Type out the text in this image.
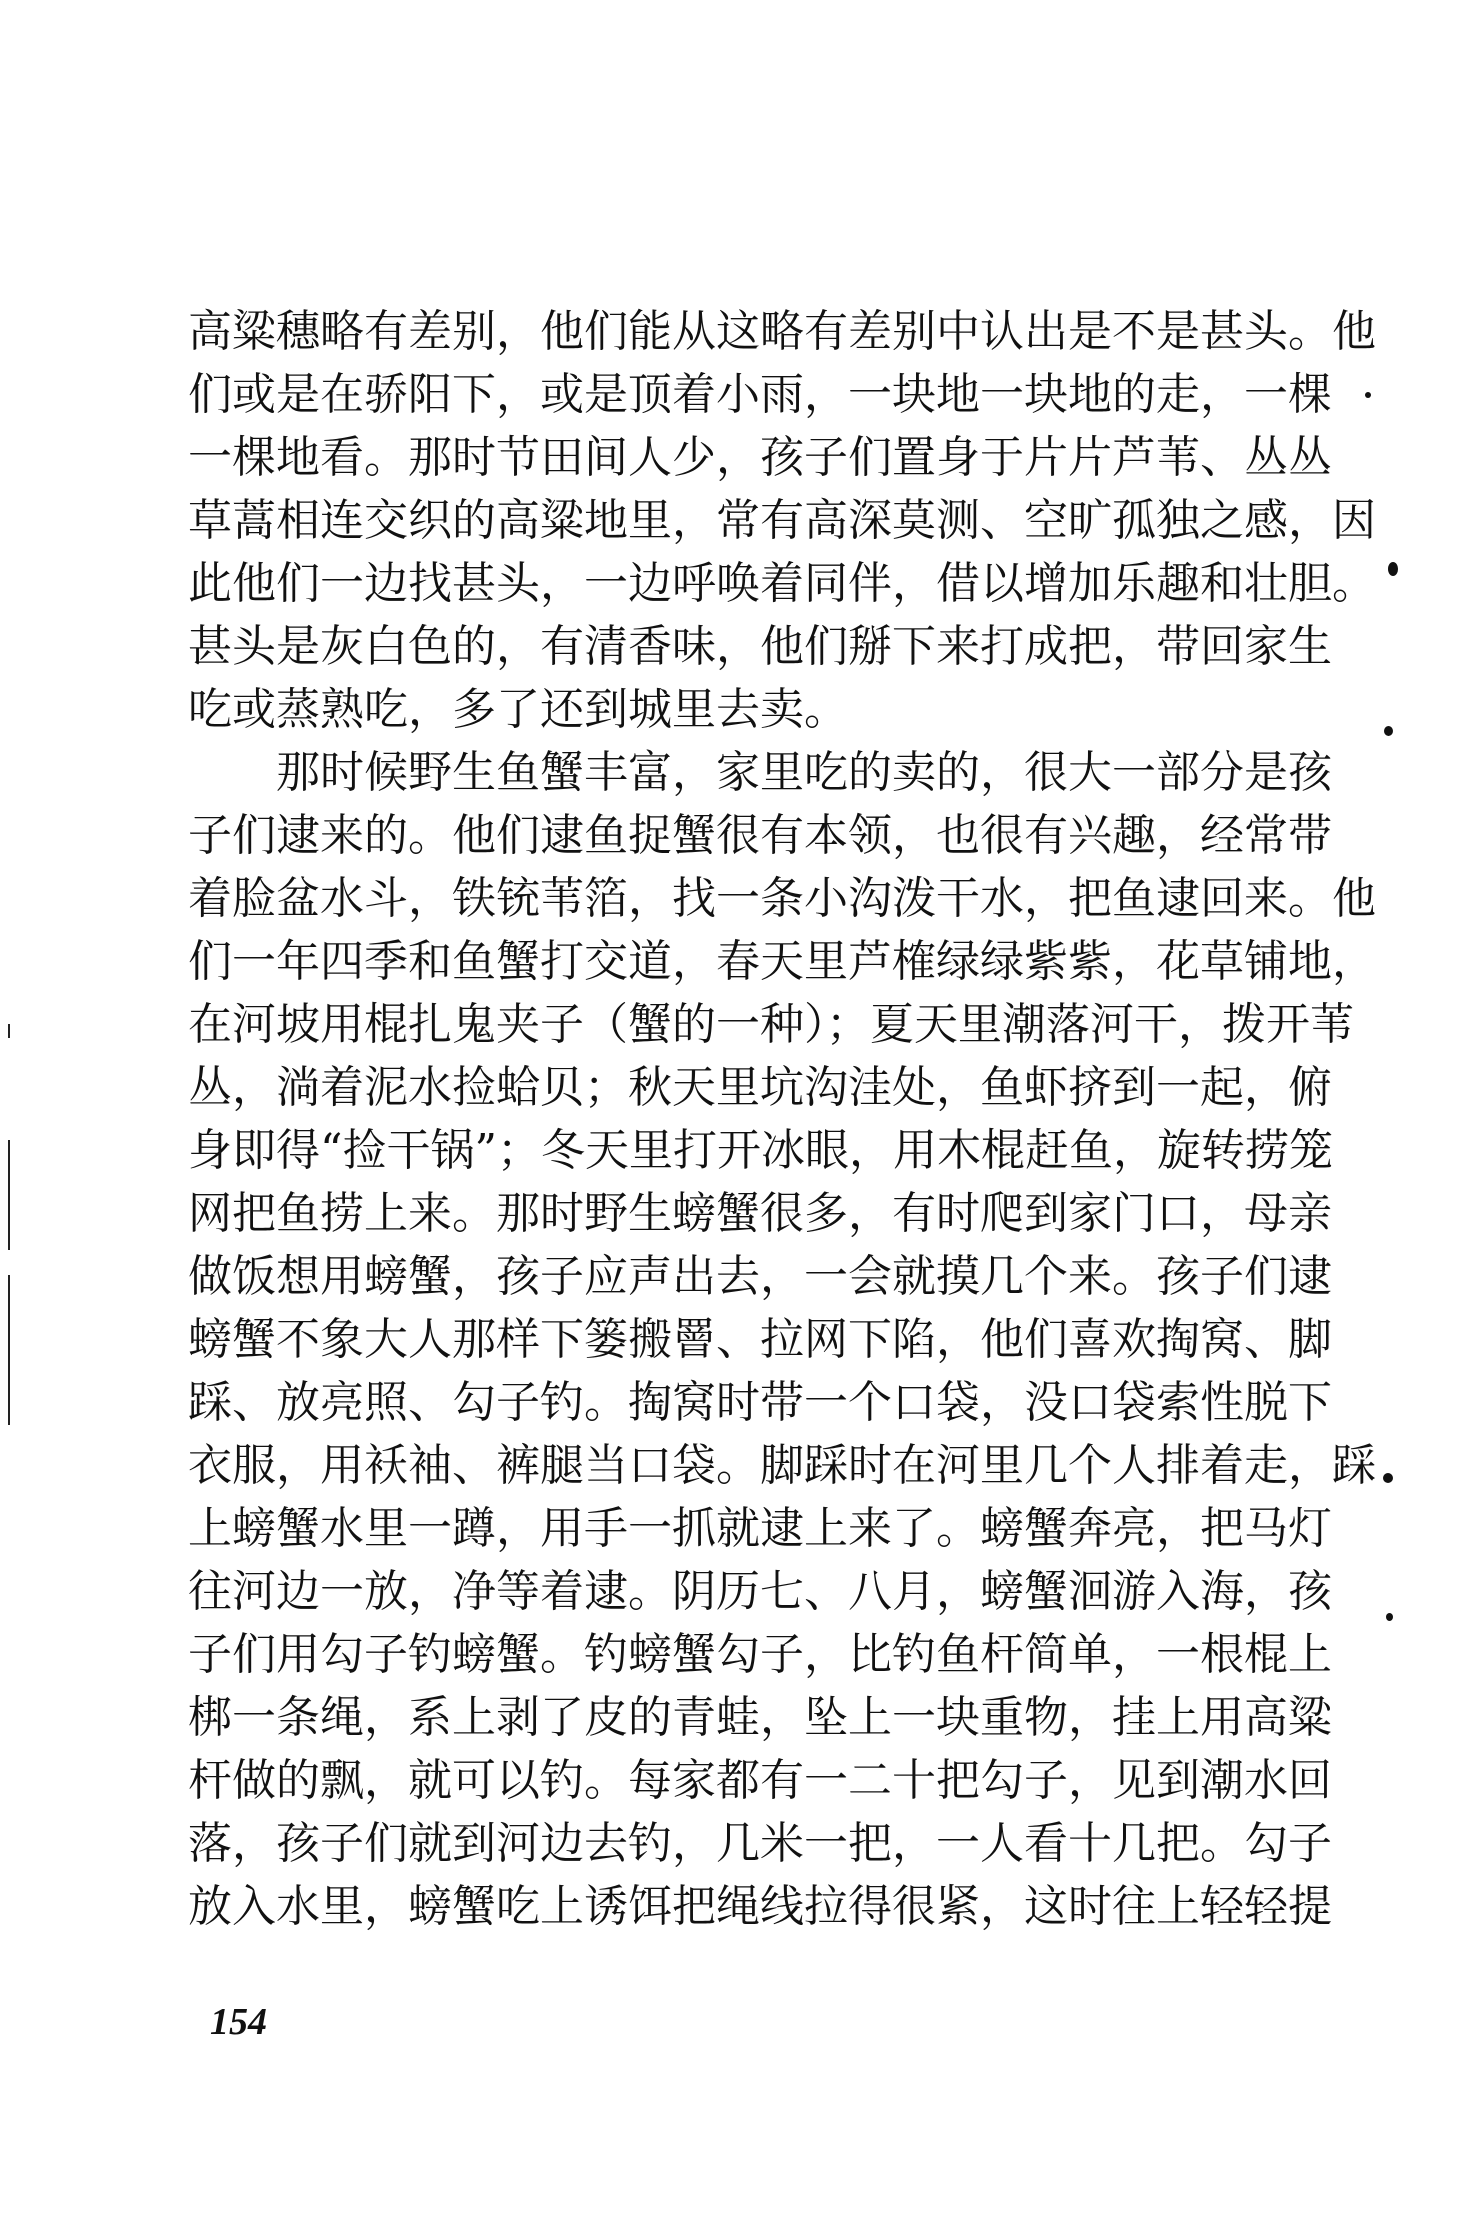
高粱穗略有差别，他们能从这略有差别中认出是不是甚头。他
们或是在骄阳下，或是顶着小雨，一块地一块地的走，一棵
一棵地看。那时节田间人少，孩子们置身于片片芦苇、丛丛
草蒿相连交织的高粱地里，常有高深莫测、空旷孤独之感，因
此他们一边找甚头，一边呼唤着同伴，借以增加乐趣和壮胆。
甚头是灰白色的，有清香味，他们掰下来打成把，带回家生
吃或蒸熟吃，多了还到城里去卖。
那时候野生鱼蟹丰富，家里吃的卖的，很大一部分是孩
子们逮来的。他们逮鱼捉蟹很有本领，也很有兴趣，经常带
着脸盆水斗，铁铳苇箔，找一条小沟泼干水，把鱼逮回来。他
们一年四季和鱼蟹打交道，春天里芦榷绿绿紫紫，花草铺地，
在河坡用棍扎鬼夹子（蟹的一种）；夏天里潮落河干，拨开苇
丛，淌着泥水捡蛤贝；秋天里坑沟洼处，鱼虾挤到一起，俯
身即得“捡干锅”；冬天里打开冰眼，用木棍赶鱼，旋转捞笼
网把鱼捞上来。那时野生螃蟹很多，有时爬到家门口，母亲
做饭想用螃蟹，孩子应声出去，一会就摸几个来。孩子们逮
螃蟹不象大人那样下篓搬罾、拉网下陷，他们喜欢掏窝、脚
踩、放亮照、勾子钓。掏窝时带一个口袋，没口袋索性脱下
衣服，用袄袖、裤腿当口袋。脚踩时在河里几个人排着走，踩
上螃蟹水里一蹲，用手一抓就逮上来了。螃蟹奔亮，把马灯
往河边一放，净等着逮。阴历七、八月，螃蟹洄游入海，孩
子们用勾子钓螃蟹。钓螃蟹勾子，比钓鱼杆简单，一根棍上
梆一条绳，系上剥了皮的青蛙，坠上一块重物，挂上用高粱
杆做的飘，就可以钓。每家都有一二十把勾子，见到潮水回
落，孩子们就到河边去钓，几米一把，一人看十几把。勾子
放入水里，螃蟹吃上诱饵把绳线拉得很紧，这时往上轻轻提
154
